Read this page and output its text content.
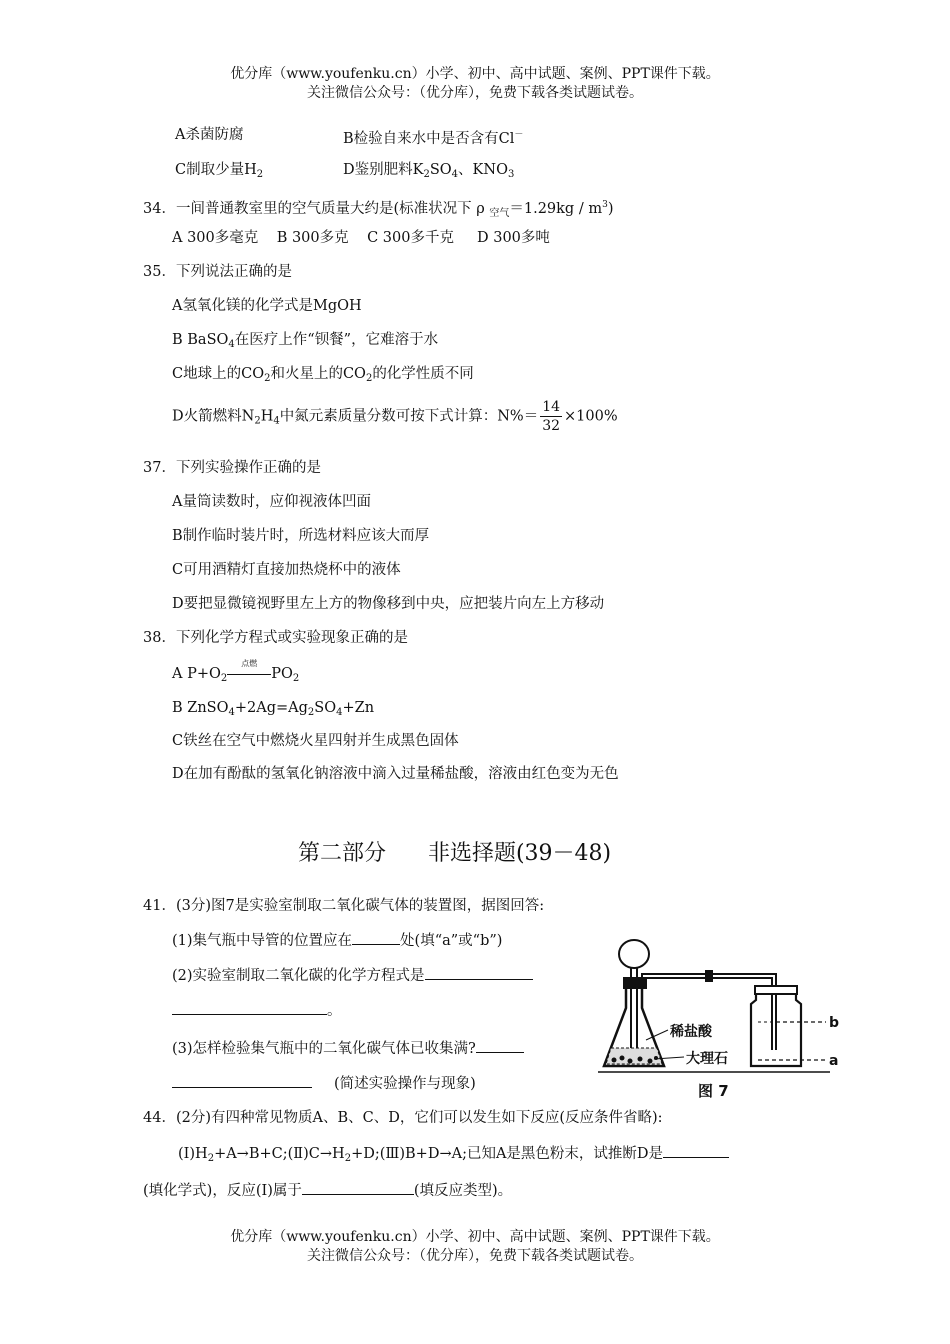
优分库（www.youfenku.cn）小学、初中、高中试题、案例、PPT课件下载。
关注微信公众号：（优分库），免费下载各类试题试卷。
A杀菌防腐	B检验自来水中是否含有Cl－
C制取少量$H_2$	D鉴别肥料$K_2SO_4$、$KNO_3$
34．一间普通教室里的空气质量大约是(标准状况下 ρ $_{空气}=1.29kg / m^3$)
A 300多毫克    B 300多克    C 300多千克     D 300多吨
35．下列说法正确的是
A氢氧化镁的化学式是MgOH
B BaSO$_4$在医疗上作“钡餐”，它难溶于水
C地球上的$CO_2$和火星上的$CO_2$的化学性质不同
D火箭燃料$N_2H_4$中氮元素质量分数可按下式计算：$N\%= \frac{14}{32} \times 100\%$
37．下列实验操作正确的是
A量筒读数时，应仰视液体凹面
B制作临时装片时，所选材料应该大而厚
C可用酒精灯直接加热烧杯中的液体
D要把显微镜视野里左上方的物像移到中央，应把装片向左上方移动
38．下列化学方程式或实验现象正确的是
A $P+O_2$
点燃
$PO_2$
B $ZnSO_4+2Ag=Ag_2SO_4+Zn$
C铁丝在空气中燃烧火星四射并生成黑色固体
D在加有酚酞的氢氧化钠溶液中滴入过量稀盐酸，溶液由红色变为无色
第二部分      非选择题(39－48)
41．(3分)图7是实验室制取二氧化碳气体的装置图，据图回答:
(1)集气瓶中导管的位置应在	处(填“a”或“b”)
(2)实验室制取二氧化碳的化学方程式是
。
(3)怎样检验集气瓶中的二氧化碳气体已收集满?
(简述实验操作与现象)
稀盐酸
大理石
b
a
图 7
44．(2分)有四种常见物质A、B、C、D，它们可以发生如下反应(反应条件省略):
$(Ⅰ)H_2+A\to B+C;(Ⅱ)C\to H_2+D;(Ⅲ)B+D\to A$;已知A是黑色粉末，试推断D是
(填化学式)，反应(Ⅰ)属于	(填反应类型)。
优分库（www.youfenku.cn）小学、初中、高中试题、案例、PPT课件下载。
关注微信公众号：（优分库），免费下载各类试题试卷。
